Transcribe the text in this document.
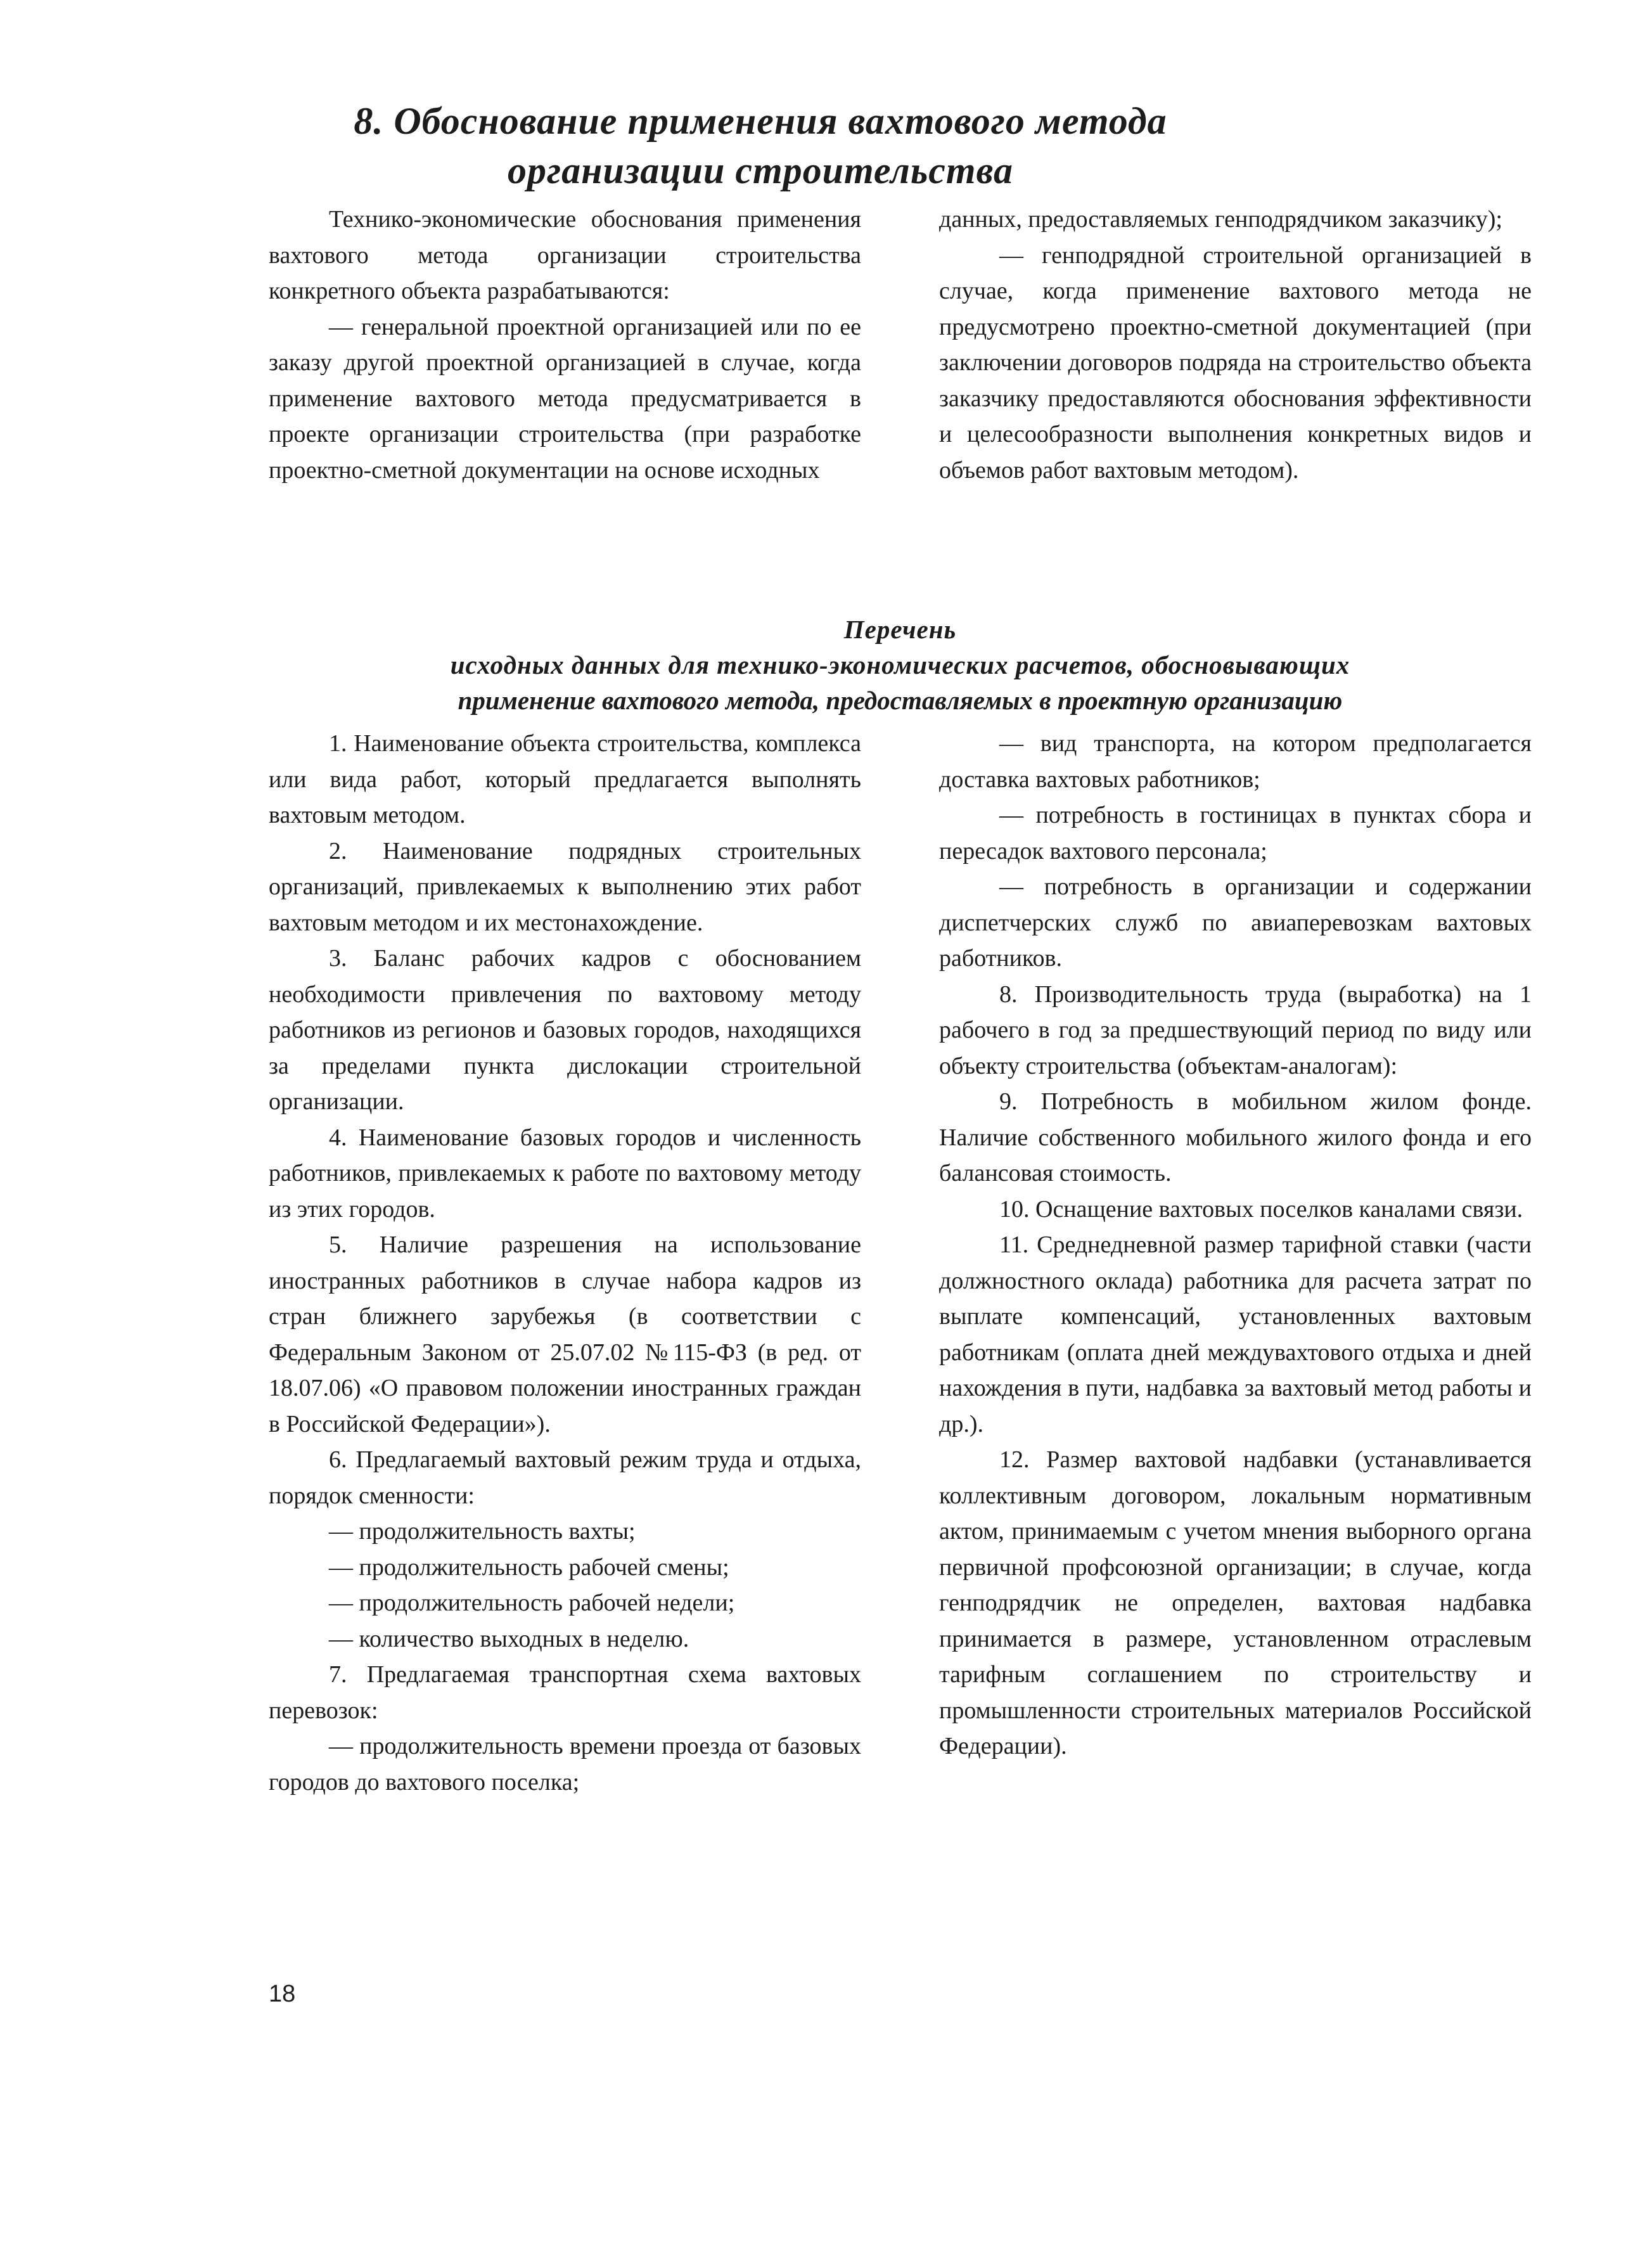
8. Обоснование применения вахтового метода
организации строительства

Технико-экономические обоснования применения вахтового метода организации строительства конкретного объекта разрабатываются:

— генеральной проектной организацией или по ее заказу другой проектной организацией в случае, когда применение вахтового метода предусматривается в проекте организации строительства (при разработке проектно-сметной документации на основе исходных

данных, предоставляемых генподрядчиком заказчику);

— генподрядной строительной организацией в случае, когда применение вахтового метода не предусмотрено проектно-сметной документацией (при заключении договоров подряда на строительство объекта заказчику предоставляются обоснования эффективности и целесообразности выполнения конкретных видов и объемов работ вахтовым методом).

Перечень
исходных данных для технико-экономических расчетов, обосновывающих
применение вахтового метода, предоставляемых в проектную организацию

1. Наименование объекта строительства, комплекса или вида работ, который предлагается выполнять вахтовым методом.

2. Наименование подрядных строительных организаций, привлекаемых к выполнению этих работ вахтовым методом и их местонахождение.

3. Баланс рабочих кадров с обоснованием необходимости привлечения по вахтовому методу работников из регионов и базовых городов, находящихся за пределами пункта дислокации строительной организации.

4. Наименование базовых городов и численность работников, привлекаемых к работе по вахтовому методу из этих городов.

5. Наличие разрешения на использование иностранных работников в случае набора кадров из стран ближнего зарубежья (в соответствии с Федеральным Законом от 25.07.02 №115-ФЗ (в ред. от 18.07.06) «О правовом положении иностранных граждан в Российской Федерации»).

6. Предлагаемый вахтовый режим труда и отдыха, порядок сменности:

— продолжительность вахты;

— продолжительность рабочей смены;

— продолжительность рабочей недели;

— количество выходных в неделю.

7. Предлагаемая транспортная схема вахтовых перевозок:

— продолжительность времени проезда от базовых городов до вахтового поселка;

— вид транспорта, на котором предполагается доставка вахтовых работников;

— потребность в гостиницах в пунктах сбора и пересадок вахтового персонала;

— потребность в организации и содержании диспетчерских служб по авиаперевозкам вахтовых работников.

8. Производительность труда (выработка) на 1 рабочего в год за предшествующий период по виду или объекту строительства (объектам-аналогам):

9. Потребность в мобильном жилом фонде. Наличие собственного мобильного жилого фонда и его балансовая стоимость.

10. Оснащение вахтовых поселков каналами связи.

11. Среднедневной размер тарифной ставки (части должностного оклада) работника для расчета затрат по выплате компенсаций, установленных вахтовым работникам (оплата дней междувахтового отдыха и дней нахождения в пути, надбавка за вахтовый метод работы и др.).

12. Размер вахтовой надбавки (устанавливается коллективным договором, локальным нормативным актом, принимаемым с учетом мнения выборного органа первичной профсоюзной организации; в случае, когда генподрядчик не определен, вахтовая надбавка принимается в размере, установленном отраслевым тарифным соглашением по строительству и промышленности строительных материалов Российской Федерации).

18
